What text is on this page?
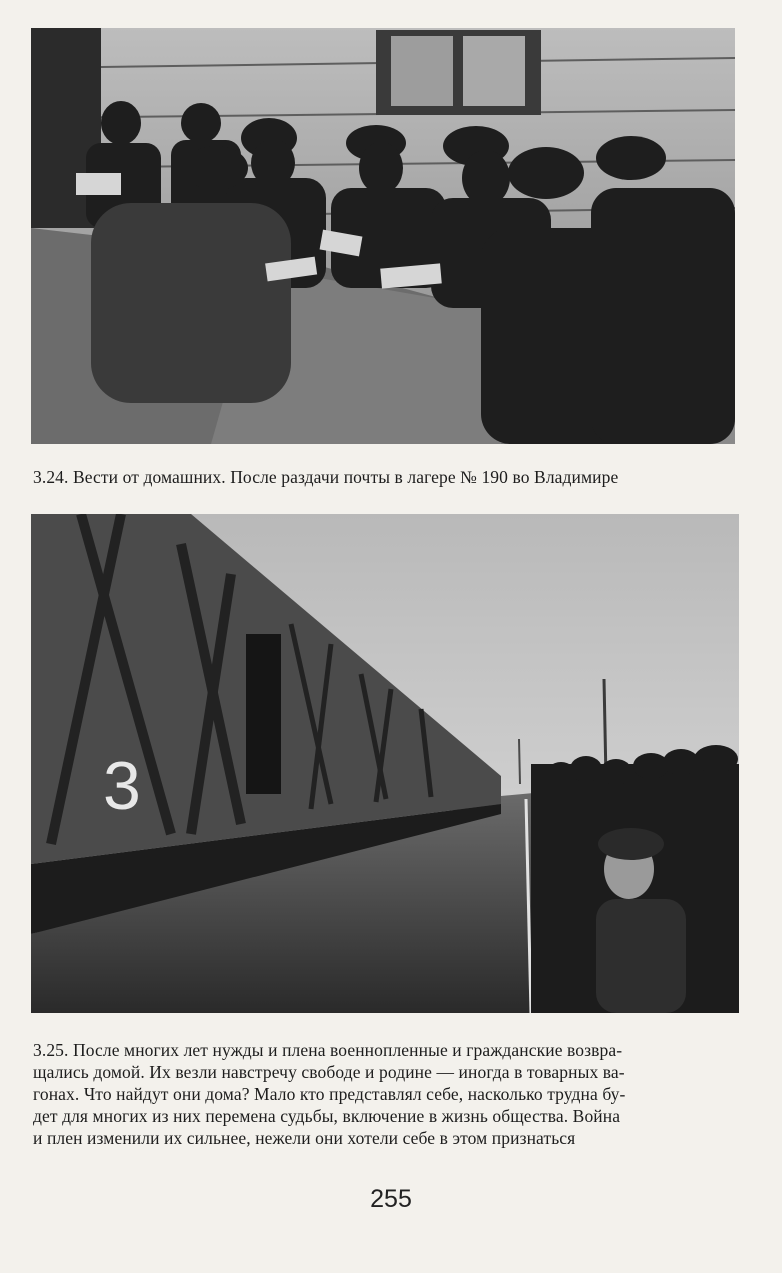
3.24. Вести от домашних. После раздачи почты в лагере № 190 во Владимире
3
3.25. После многих лет нужды и плена военнопленные и гражданские возвра-
щались домой. Их везли навстречу свободе и родине — иногда в товарных ва-
гонах. Что найдут они дома? Мало кто представлял себе, насколько трудна бу-
дет для многих из них перемена судьбы, включение в жизнь общества. Война
и плен изменили их сильнее, нежели они хотели себе в этом признаться
255
